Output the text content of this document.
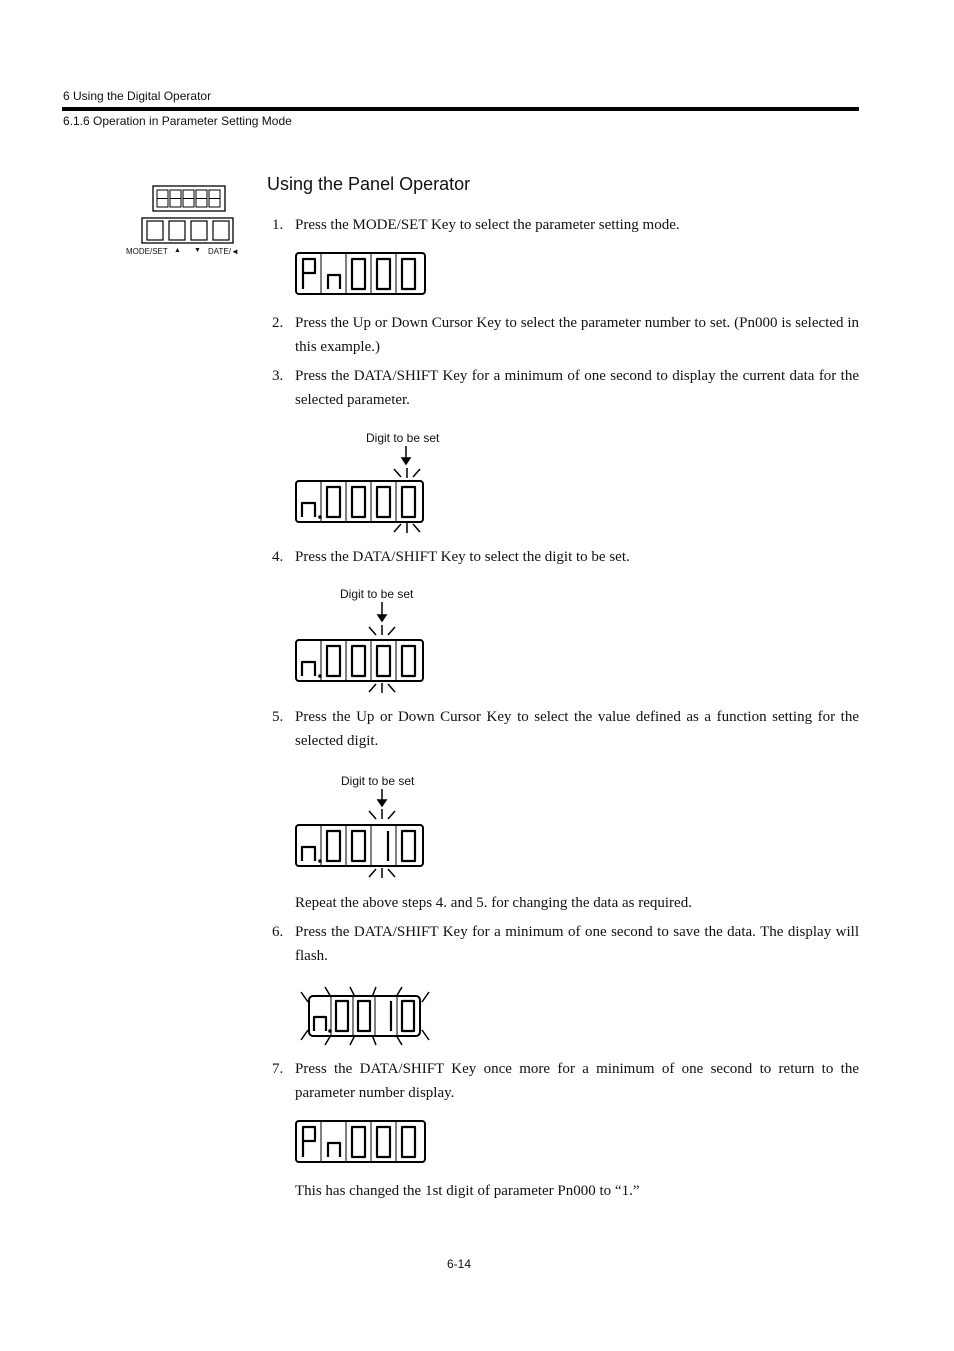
6 Using the Digital Operator
6.1.6 Operation in Parameter Setting Mode
MODE/SET ▲ ▼ DATE/◄
Using the Panel Operator
1. Press the MODE/SET Key to select the parameter setting mode.
2. Press the Up or Down Cursor Key to select the parameter number to set. (Pn000 is selected in this example.)
3. Press the DATA/SHIFT Key for a minimum of one second to display the current data for the selected parameter.
Digit to be set
4. Press the DATA/SHIFT Key to select the digit to be set.
Digit to be set
5. Press the Up or Down Cursor Key to select the value defined as a function setting for the selected digit.
Digit to be set
Repeat the above steps 4. and 5. for changing the data as required.
6. Press the DATA/SHIFT Key for a minimum of one second to save the data. The display will flash.
7. Press the DATA/SHIFT Key once more for a minimum of one second to return to the parameter number display.
This has changed the 1st digit of parameter Pn000 to “1.”
6-14
